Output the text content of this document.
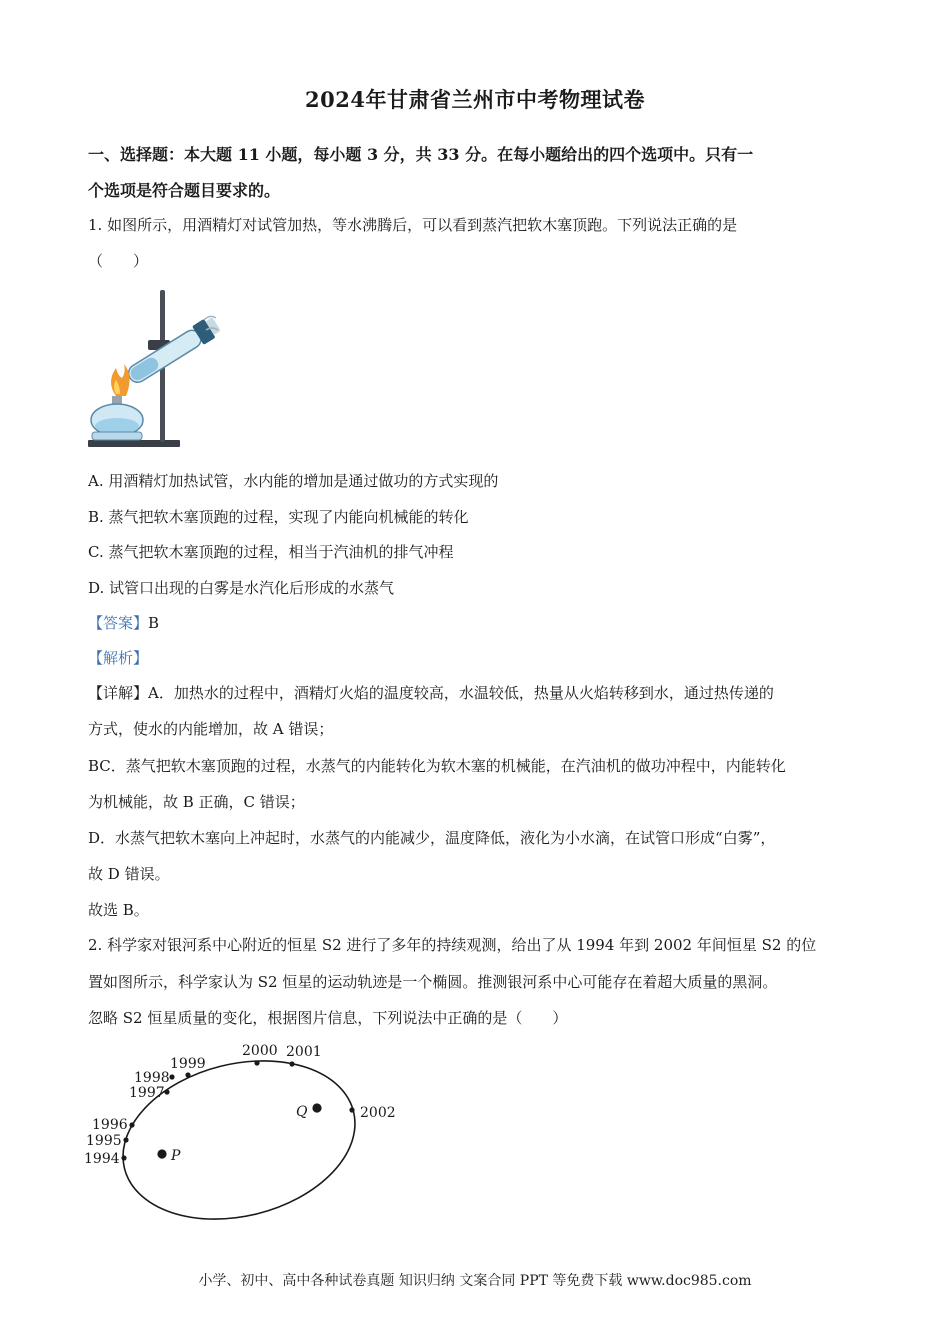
2024年甘肃省兰州市中考物理试卷
一、选择题：本大题 11 小题，每小题 3 分，共 33 分。在每小题给出的四个选项中。只有一
个选项是符合题目要求的。
1. 如图所示，用酒精灯对试管加热，等水沸腾后，可以看到蒸汽把软木塞顶跑。下列说法正确的是
（　　）
A. 用酒精灯加热试管，水内能的增加是通过做功的方式实现的
B. 蒸气把软木塞顶跑的过程，实现了内能向机械能的转化
C. 蒸气把软木塞顶跑的过程，相当于汽油机的排气冲程
D. 试管口出现的白雾是水汽化后形成的水蒸气
【答案】B
【解析】
【详解】A．加热水的过程中，酒精灯火焰的温度较高，水温较低，热量从火焰转移到水，通过热传递的
方式，使水的内能增加，故 A 错误；
BC．蒸气把软木塞顶跑的过程，水蒸气的内能转化为软木塞的机械能，在汽油机的做功冲程中，内能转化
为机械能，故 B 正确，C 错误；
D．水蒸气把软木塞向上冲起时，水蒸气的内能减少，温度降低，液化为小水滴，在试管口形成“白雾”，
故 D 错误。
故选 B。
2. 科学家对银河系中心附近的恒星 S2 进行了多年的持续观测，给出了从 1994 年到 2002 年间恒星 S2 的位
置如图所示，科学家认为 S2 恒星的运动轨迹是一个椭圆。推测银河系中心可能存在着超大质量的黑洞。
忽略 S2 恒星质量的变化，根据图片信息，下列说法中正确的是（　　）
1994
1995
1996
1997
1998
1999
2000 2001
2002
Q
P
小学、初中、高中各种试卷真题 知识归纳 文案合同 PPT 等免费下载 www.doc985.com
